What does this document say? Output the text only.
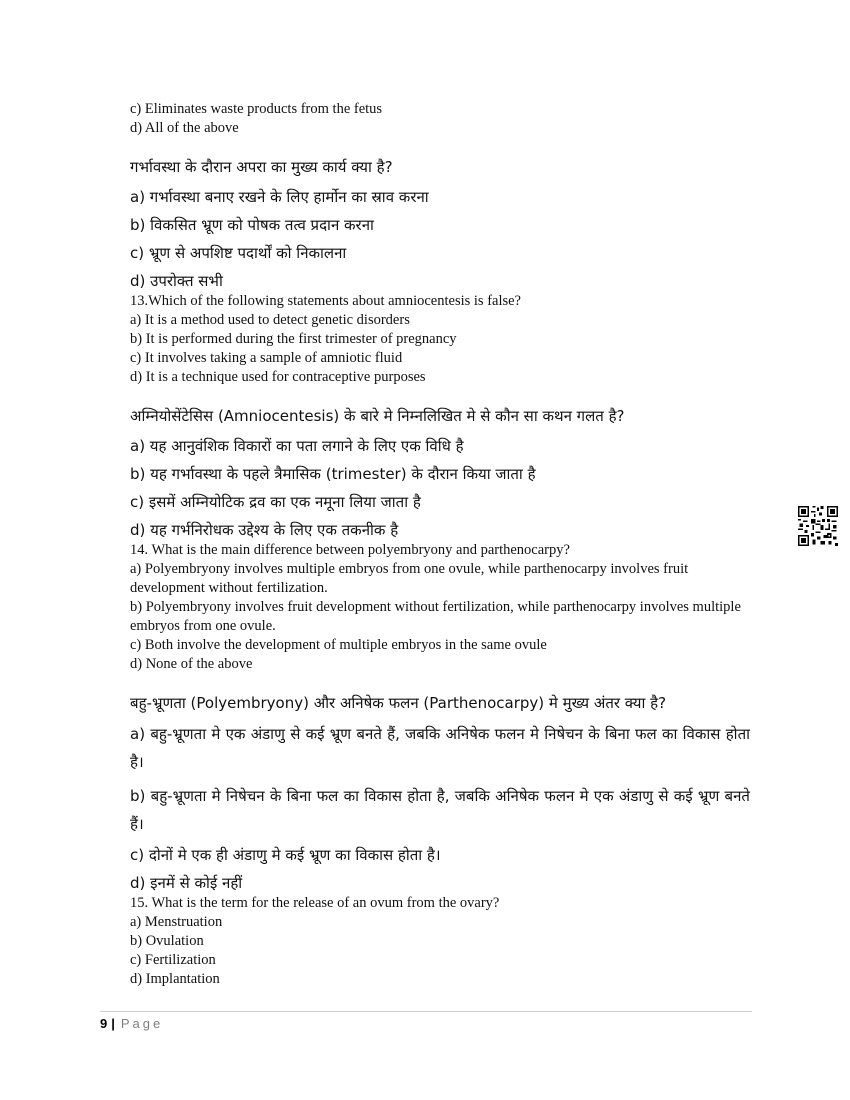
c) Eliminates waste products from the fetus

d) All of the above

गर्भावस्था के दौरान अपरा का मुख्य कार्य क्या है?

a) गर्भावस्था बनाए रखने के लिए हार्मोन का स्राव करना

b) विकसित भ्रूण को पोषक तत्व प्रदान करना

c) भ्रूण से अपशिष्ट पदार्थों को निकालना

d) उपरोक्त सभी

13.Which of the following statements about amniocentesis is false?

a) It is a method used to detect genetic disorders

b) It is performed during the first trimester of pregnancy

c) It involves taking a sample of amniotic fluid

d) It is a technique used for contraceptive purposes

अम्नियोसेंटेसिस (Amniocentesis) के बारे मे निम्नलिखित मे से कौन सा कथन गलत है?

a) यह आनुवंशिक विकारों का पता लगाने के लिए एक विधि है

b) यह गर्भावस्था के पहले त्रैमासिक (trimester) के दौरान किया जाता है

c) इसमें अम्नियोटिक द्रव का एक नमूना लिया जाता है

d) यह गर्भनिरोधक उद्देश्य के लिए एक तकनीक है

14. What is the main difference between polyembryony and parthenocarpy?

a) Polyembryony involves multiple embryos from one ovule, while parthenocarpy involves fruit development without fertilization.

b) Polyembryony involves fruit development without fertilization, while parthenocarpy involves multiple embryos from one ovule.

c) Both involve the development of multiple embryos in the same ovule

d) None of the above

बहु-भ्रूणता (Polyembryony) और अनिषेक फलन (Parthenocarpy) मे मुख्य अंतर क्या है?

a) बहु-भ्रूणता मे एक अंडाणु से कई भ्रूण बनते हैं, जबकि अनिषेक फलन मे निषेचन के बिना फल का विकास होता है।

b) बहु-भ्रूणता मे निषेचन के बिना फल का विकास होता है, जबकि अनिषेक फलन मे एक अंडाणु से कई भ्रूण बनते हैं।

c) दोनों मे एक ही अंडाणु मे कई भ्रूण का विकास होता है।

d) इनमें से कोई नहीं

15. What is the term for the release of an ovum from the ovary?

a) Menstruation

b) Ovulation

c) Fertilization

d) Implantation

9 | Page
